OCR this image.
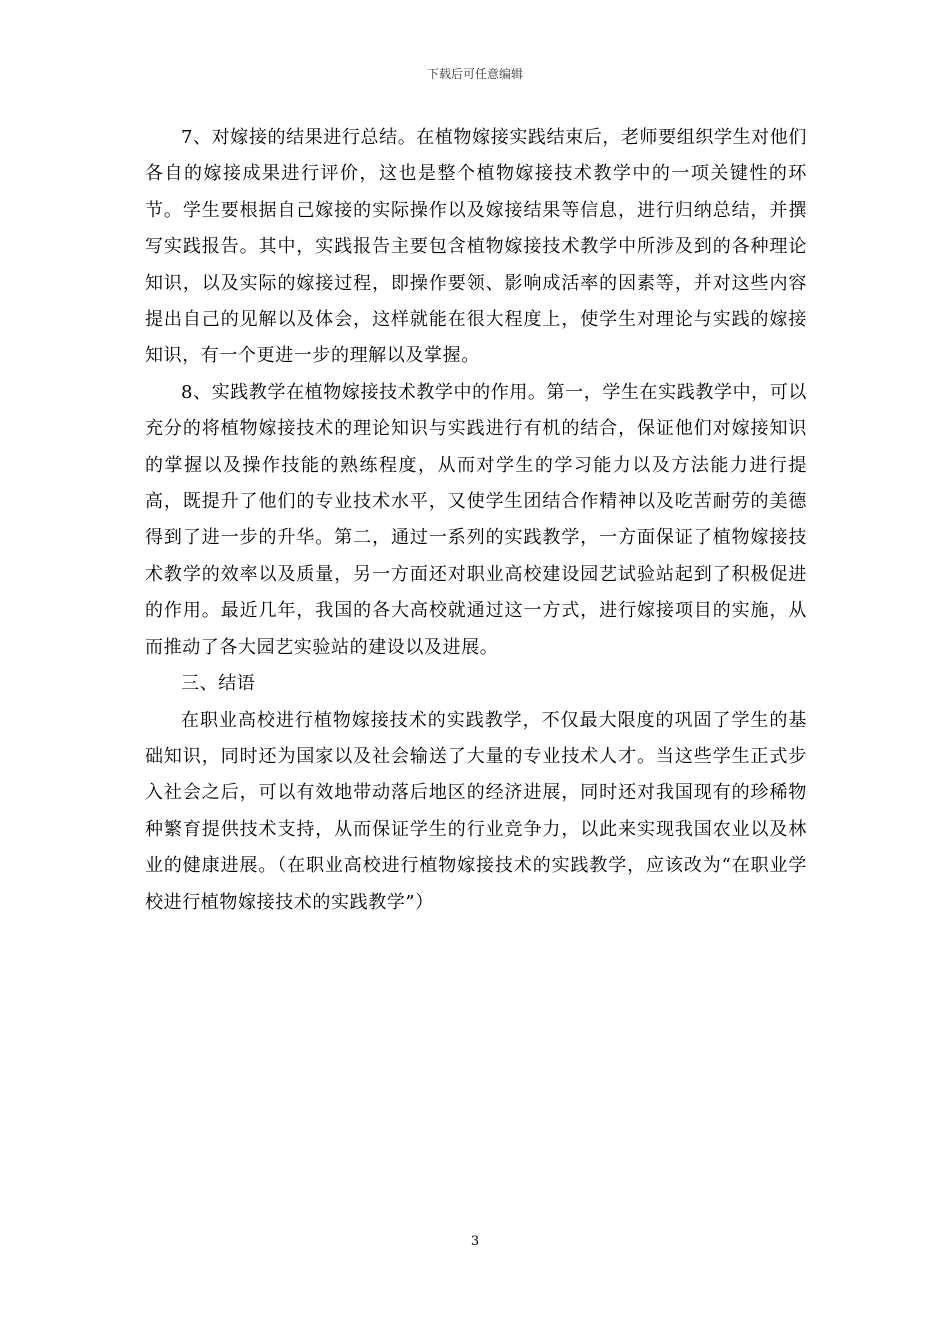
下载后可任意编辑

7、对嫁接的结果进行总结。在植物嫁接实践结束后，老师要组织学生对他们各自的嫁接成果进行评价，这也是整个植物嫁接技术教学中的一项关键性的环节。学生要根据自己嫁接的实际操作以及嫁接结果等信息，进行归纳总结，并撰写实践报告。其中，实践报告主要包含植物嫁接技术教学中所涉及到的各种理论知识，以及实际的嫁接过程，即操作要领、影响成活率的因素等，并对这些内容提出自己的见解以及体会，这样就能在很大程度上，使学生对理论与实践的嫁接知识，有一个更进一步的理解以及掌握。

8、实践教学在植物嫁接技术教学中的作用。第一，学生在实践教学中，可以充分的将植物嫁接技术的理论知识与实践进行有机的结合，保证他们对嫁接知识的掌握以及操作技能的熟练程度，从而对学生的学习能力以及方法能力进行提高，既提升了他们的专业技术水平，又使学生团结合作精神以及吃苦耐劳的美德得到了进一步的升华。第二，通过一系列的实践教学，一方面保证了植物嫁接技术教学的效率以及质量，另一方面还对职业高校建设园艺试验站起到了积极促进的作用。最近几年，我国的各大高校就通过这一方式，进行嫁接项目的实施，从而推动了各大园艺实验站的建设以及进展。

三、结语

在职业高校进行植物嫁接技术的实践教学，不仅最大限度的巩固了学生的基础知识，同时还为国家以及社会输送了大量的专业技术人才。当这些学生正式步入社会之后，可以有效地带动落后地区的经济进展，同时还对我国现有的珍稀物种繁育提供技术支持，从而保证学生的行业竞争力，以此来实现我国农业以及林业的健康进展。（在职业高校进行植物嫁接技术的实践教学，应该改为“在职业学校进行植物嫁接技术的实践教学”）

3
